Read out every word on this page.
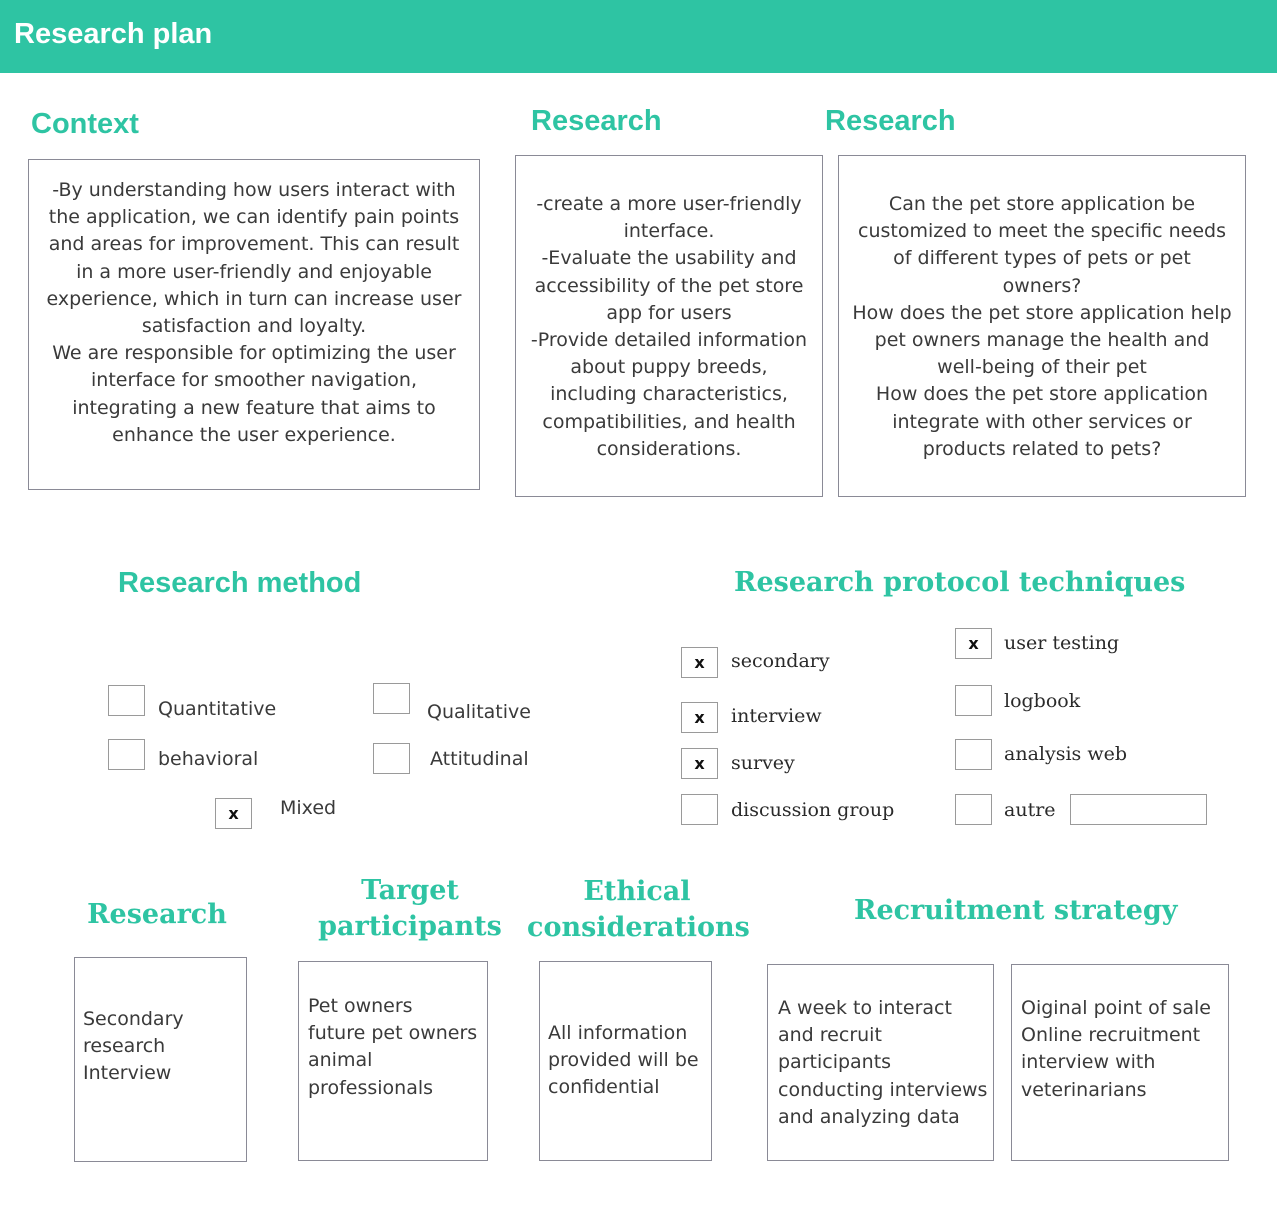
Research plan
Context
-By understanding how users interact with
the application, we can identify pain points
and areas for improvement. This can result
in a more user-friendly and enjoyable
experience, which in turn can increase user
satisfaction and loyalty.
We are responsible for optimizing the user
interface for smoother navigation,
integrating a new feature that aims to
enhance the user experience.
Research
-create a more user-friendly
interface.
-Evaluate the usability and
accessibility of the pet store
app for users
-Provide detailed information
about puppy breeds,
including characteristics,
compatibilities, and health
considerations.
Research
Can the pet store application be
customized to meet the specific needs
of different types of pets or pet
owners?
How does the pet store application help
pet owners manage the health and
well-being of their pet
How does the pet store application
integrate with other services or
products related to pets?
Research method
Quantitative	Qualitative
behavioral	Attitudinal
x	Mixed
Research protocol techniques
x	secondary
x	interview
x	survey
discussion group
x	user testing
logbook
analysis web
autre
Research
Secondary
research
Interview
Target
participants
Pet owners
future pet owners
animal
professionals
Ethical
considerations
All information
provided will be
confidential
Recruitment strategy
A week to interact
and recruit
participants
conducting interviews
and analyzing data
Oiginal point of sale
Online recruitment
interview with
veterinarians
